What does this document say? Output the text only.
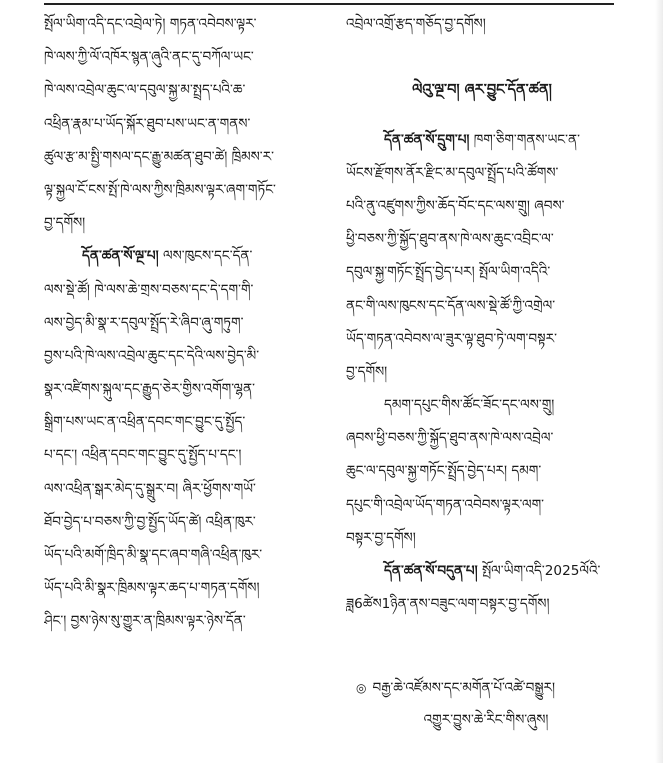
སྤོལ་ཡིག་འདི་དང་འབྲེལ་ཏེ། གཏན་འབེབས་ལྟར་
ཁེ་ལས་ཀྱི་ལོ་འཁོར་སྙན་ཞུའི་ནང་དུ་བཀོལ་ཡང་
ཁེ་ལས་འབྲེལ་ཆུང་ལ་དབུལ་སྐྱ་མ་སྤྲད་པའི་ཆ་
འཕྲིན་རྣམ་པ་ཡོད་སྐོར་ཐུབ་པས་ཡང་ན་གནས་
ཚུལ་རྩ་མ་སྤྱི་གསལ་དང་རྒྱུ་མཚན་ཐུབ་ཚེ། ཁྲིམས་ར་
ལྟ་སྐྱལ་ངོ་ངས་སྤོ་ཁེ་ལས་ཀྱིས་ཁྲིམས་ལྟར་ཞག་གཏོང་
བྱ་དགོས།
དོན་ཚན་སོ་ལྔ་པ། ལས་ཁུངས་དང་དོན་
ལས་སྡེ་ཚོ། ཁེ་ལས་ཆེ་གྲས་བཅས་དང་དེ་དག་གི་
ལས་བྱེད་མི་སྣ་ར་དབུལ་སྤྲོད་རེ་ཞིབ་ཞུ་གཏུག་
བྱས་པའི་ཁེ་ལས་འབྲེལ་ཆུང་དང་དེའི་ལས་བྱེད་མི་
སྣར་འཛིགས་སྐུལ་དང་རྒྱུད་ཅེར་གྱིས་འགོག་ལྷན་
སྒྲིག་པས་ཡང་ན་འཕྲིན་དབང་གང་བྱུང་དུ་སྤྱོད་
པ་དང་། འཕྲིན་དབང་གང་བྱུང་དུ་སྤྱོད་པ་དང་།
ལས་འཕྲིན་སྒར་མེད་དུ་སྒྲུར་བ། ཞིར་ཕྱོགས་གཡོ་
ཐོབ་བྱེད་པ་བཅས་ཀྱི་བྱ་སྤྱོད་ཡོད་ཚེ། འཕྲིན་ཁུར་
ཡོད་པའི་མགོ་ཁྲིད་མི་སྣ་དང་ཞབ་གཞི་འཕྲིན་ཁུར་
ཡོད་པའི་མི་སྣར་ཁྲིམས་ལྟར་ཆད་པ་གཏན་དགོས།
ཤིང་། བྱས་ཉེས་སུ་གྱུར་ན་ཁྲིམས་ལྟར་ཉེས་དོན་
འབྲེལ་འགྲོ་རྩད་གཅོད་བྱ་དགོས།
ལེའུ་ལྔ་བ། ཞར་བྱུང་དོན་ཚན།
དོན་ཚན་སོ་དྲུག་པ། ཁག་ཅིག་གནས་ཡང་ན་
ཡོངས་རྫོགས་ནོར་རྫིང་མ་དབུལ་སྤྲོད་པའི་ཚོགས་
པའི་ནུ་འཛུགས་ཀྱིས་ཆོད་བོང་དང་ལས་གྲུ། ཞབས་
ཕྱི་བཅས་ཀྱི་སྐྱོད་ཐུབ་ནས་ཁེ་ལས་ཆུང་འབྲིང་ལ་
དབུལ་སྐྱ་གཏོང་སྤྲོད་བྱེད་པར། སྤོལ་ཡིག་འདིའི་
ནང་གི་ལས་ཁུངས་དང་དོན་ལས་སྡེ་ཚོ་ཀྱི་འགྲེལ་
ཡོད་གཏན་འབེབས་ལ་ཟུར་ལྟ་ཐུབ་ཏེ་ལག་བསྟར་
བྱ་དགོས།
དམག་དཔུང་གིས་ཚོང་ཟོང་དང་ལས་གྲུ།
ཞབས་ཕྱི་བཅས་ཀྱི་སྐྱོད་ཐུབ་ནས་ཁེ་ལས་འབྲེལ་
ཆུང་ལ་དབུལ་སྐྱ་གཏོང་སྤྲོད་བྱེད་པར། དམག་
དཔུང་གི་འབྲེལ་ཡོད་གཏན་འབེབས་ལྟར་ལག་
བསྟར་བྱ་དགོས།
དོན་ཚན་སོ་བདུན་པ། སྤོལ་ཡིག་འདི་2025ལོའི་
ཟླ6ཚེས1ཉིན་ནས་བཟུང་ལག་བསྟར་བྱ་དགོས།
◎ བརྒྱ་ཆེ་འཛོམས་དང་མགོན་པོ་འཚེ་བསྒྱུར།
འགྱུར་བྱུས་ཆེ་རིང་གིས་ཞུས།
